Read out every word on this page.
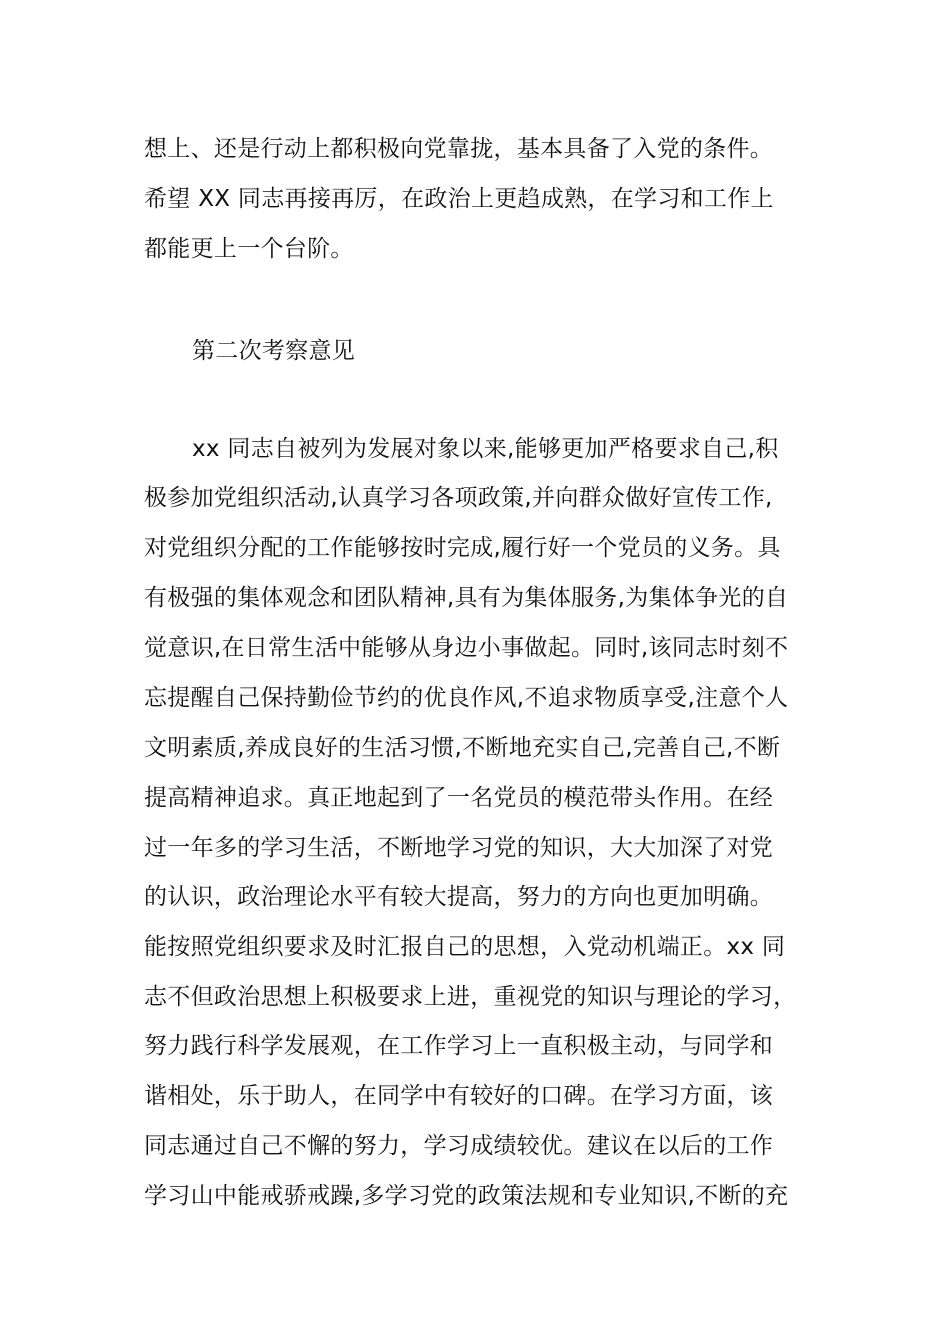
想上、还是行动上都积极向党靠拢，基本具备了入党的条件。
希望 XX 同志再接再厉，在政治上更趋成熟，在学习和工作上
都能更上一个台阶。
第二次考察意见
xx 同志自被列为发展对象以来,能够更加严格要求自己,积
极参加党组织活动,认真学习各项政策,并向群众做好宣传工作,
对党组织分配的工作能够按时完成,履行好一个党员的义务。具
有极强的集体观念和团队精神,具有为集体服务,为集体争光的自
觉意识,在日常生活中能够从身边小事做起。同时,该同志时刻不
忘提醒自己保持勤俭节约的优良作风,不追求物质享受,注意个人
文明素质,养成良好的生活习惯,不断地充实自己,完善自己,不断
提高精神追求。真正地起到了一名党员的模范带头作用。在经
过一年多的学习生活，不断地学习党的知识，大大加深了对党
的认识，政治理论水平有较大提高，努力的方向也更加明确。
能按照党组织要求及时汇报自己的思想，入党动机端正。xx 同
志不但政治思想上积极要求上进，重视党的知识与理论的学习，
努力践行科学发展观，在工作学习上一直积极主动，与同学和
谐相处，乐于助人，在同学中有较好的口碑。在学习方面，该
同志通过自己不懈的努力，学习成绩较优。建议在以后的工作
学习山中能戒骄戒躁,多学习党的政策法规和专业知识,不断的充
